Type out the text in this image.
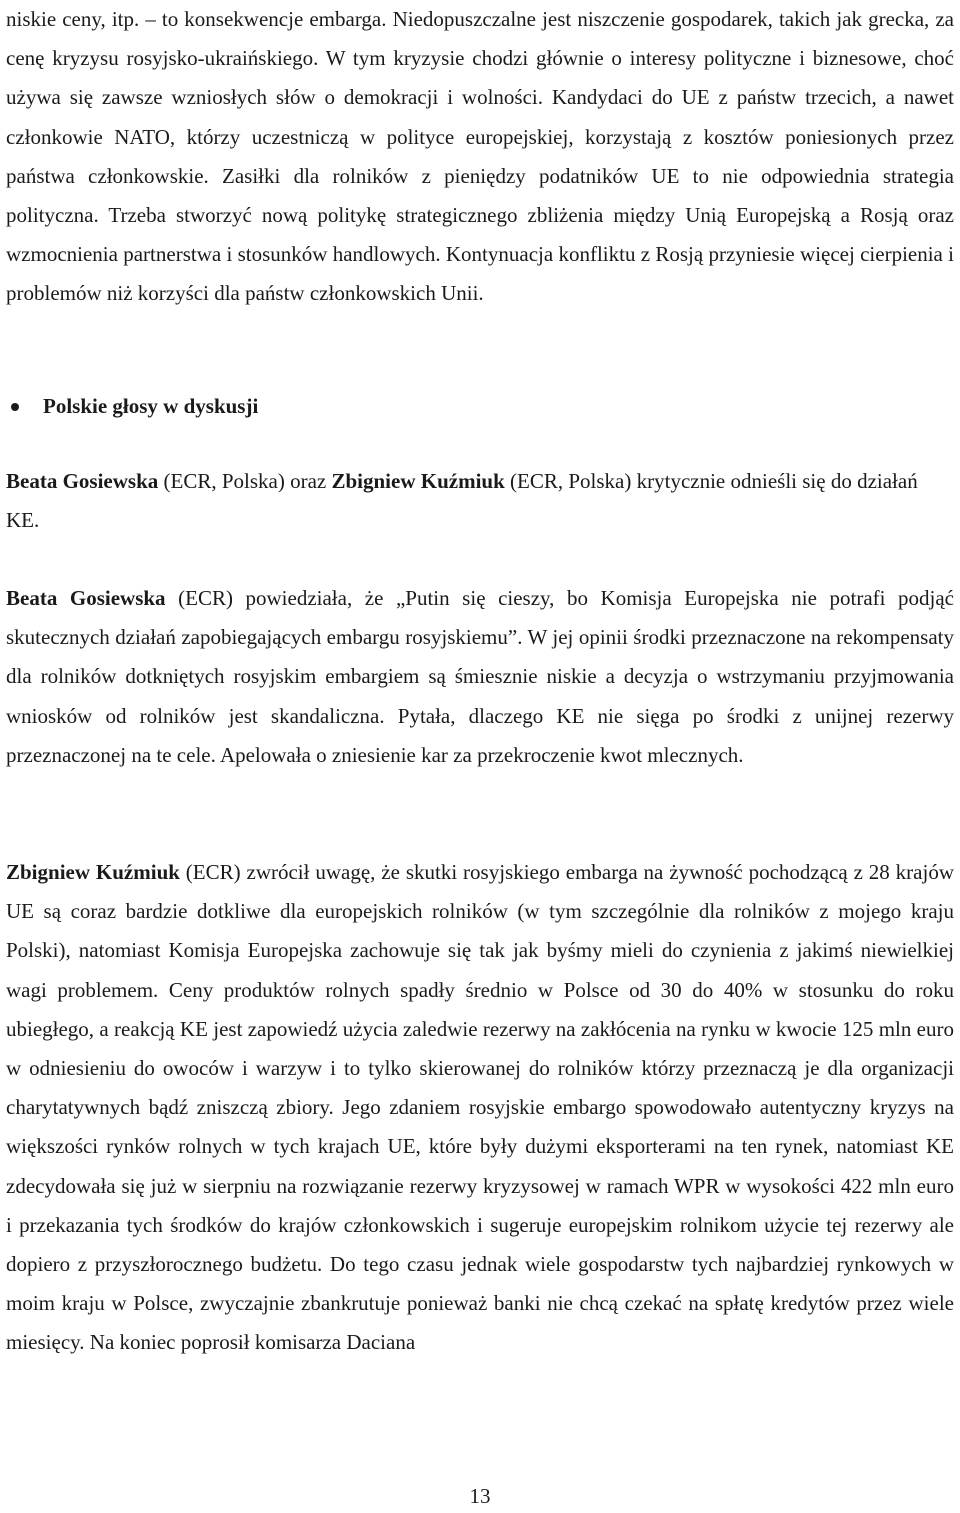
niskie ceny, itp. – to konsekwencje embarga. Niedopuszczalne jest niszczenie gospodarek, takich jak grecka, za cenę kryzysu rosyjsko-ukraińskiego. W tym kryzysie chodzi głównie o interesy polityczne i biznesowe, choć używa się zawsze wzniosłych słów o demokracji i wolności. Kandydaci do UE z państw trzecich, a nawet członkowie NATO, którzy uczestniczą w polityce europejskiej, korzystają z kosztów poniesionych przez państwa członkowskie. Zasiłki dla rolników z pieniędzy podatników UE to nie odpowiednia strategia polityczna. Trzeba stworzyć nową politykę strategicznego zbliżenia między Unią Europejską a Rosją oraz wzmocnienia partnerstwa i stosunków handlowych. Kontynuacja konfliktu z Rosją przyniesie więcej cierpienia i problemów niż korzyści dla państw członkowskich Unii.

Polskie głosy w dyskusji

Beata Gosiewska (ECR, Polska) oraz Zbigniew Kuźmiuk (ECR, Polska) krytycznie odnieśli się do działań KE.

Beata Gosiewska (ECR) powiedziała, że „Putin się cieszy, bo Komisja Europejska nie potrafi podjąć skutecznych działań zapobiegających embargu rosyjskiemu”. W jej opinii środki przeznaczone na rekompensaty dla rolników dotkniętych rosyjskim embargiem są śmiesznie niskie a decyzja o wstrzymaniu przyjmowania wniosków od rolników jest skandaliczna. Pytała, dlaczego KE nie sięga po środki z unijnej rezerwy przeznaczonej na te cele. Apelowała o zniesienie kar za przekroczenie kwot mlecznych.

Zbigniew Kuźmiuk (ECR) zwrócił uwagę, że skutki rosyjskiego embarga na żywność pochodzącą z 28 krajów UE są coraz bardzie dotkliwe dla europejskich rolników (w tym szczególnie dla rolników z mojego kraju Polski), natomiast Komisja Europejska zachowuje się tak jak byśmy mieli do czynienia z jakimś niewielkiej wagi problemem. Ceny produktów rolnych spadły średnio w Polsce od 30 do 40% w stosunku do roku ubiegłego, a reakcją KE jest zapowiedź użycia zaledwie rezerwy na zakłócenia na rynku w kwocie 125 mln euro w odniesieniu do owoców i warzyw i to tylko skierowanej do rolników którzy przeznaczą je dla organizacji charytatywnych bądź zniszczą zbiory. Jego zdaniem rosyjskie embargo spowodowało autentyczny kryzys na większości rynków rolnych w tych krajach UE, które były dużymi eksporterami na ten rynek, natomiast KE zdecydowała się już w sierpniu na rozwiązanie rezerwy kryzysowej w ramach WPR w wysokości 422 mln euro i przekazania tych środków do krajów członkowskich i sugeruje europejskim rolnikom użycie tej rezerwy ale dopiero z przyszłorocznego budżetu. Do tego czasu jednak wiele gospodarstw tych najbardziej rynkowych w moim kraju w Polsce, zwyczajnie zbankrutuje ponieważ banki nie chcą czekać na spłatę kredytów przez wiele miesięcy. Na koniec poprosił komisarza Daciana

13
